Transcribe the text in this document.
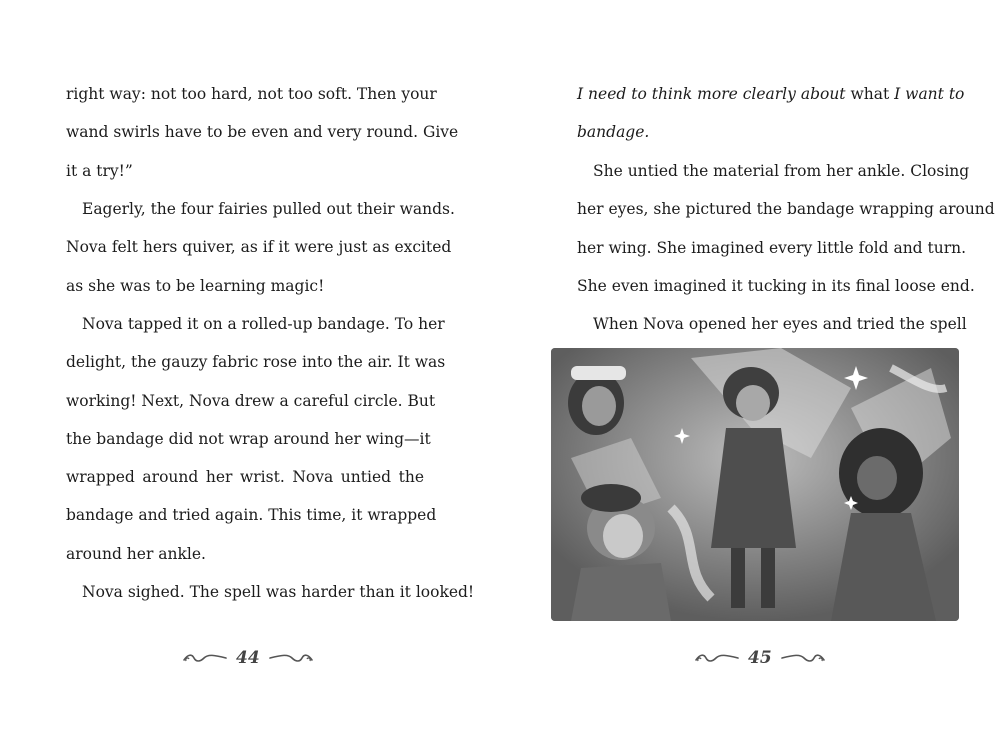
right way: not too hard, not too soft. Then your
wand swirls have to be even and very round. Give
it a try!”
Eagerly, the four fairies pulled out their wands.
Nova felt hers quiver, as if it were just as excited
as she was to be learning magic!
Nova tapped it on a rolled-up bandage. To her
delight, the gauzy fabric rose into the air. It was
working! Next, Nova drew a careful circle. But
the bandage did not wrap around her wing—it
wrapped around her wrist. Nova untied the
bandage and tried again. This time, it wrapped
around her ankle.
Nova sighed. The spell was harder than it looked!
44
I need to think more clearly about what I want to
bandage.
She untied the material from her ankle. Closing
her eyes, she pictured the bandage wrapping around
her wing. She imagined every little fold and turn.
She even imagined it tucking in its final loose end.
When Nova opened her eyes and tried the spell
45
